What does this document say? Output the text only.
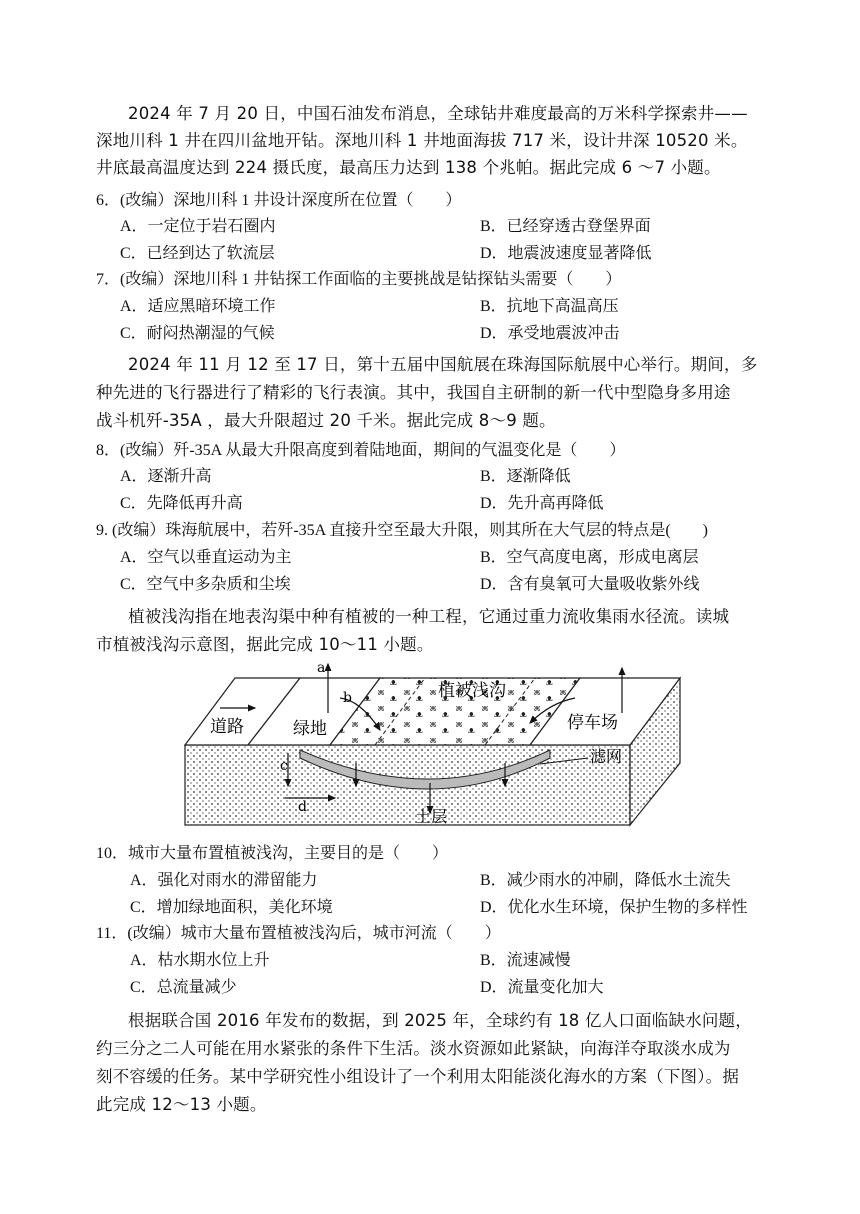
2024 年 7 月 20 日，中国石油发布消息，全球钻井难度最高的万米科学探索井——
深地川科 1 井在四川盆地开钻。深地川科 1 井地面海拔 717 米，设计井深 10520 米。
井底最高温度达到 224 摄氏度，最高压力达到 138 个兆帕。据此完成 6 ～7 小题。
6．(改编）深地川科 1 井设计深度所在位置（　　）
A．一定位于岩石圈内	B．已经穿透古登堡界面
C．已经到达了软流层	D．地震波速度显著降低
7．(改编）深地川科 1 井钻探工作面临的主要挑战是钻探钻头需要（　　）
A．适应黑暗环境工作	B．抗地下高温高压
C．耐闷热潮湿的气候	D．承受地震波冲击
2024 年 11 月 12 至 17 日，第十五届中国航展在珠海国际航展中心举行。期间，多
种先进的飞行器进行了精彩的飞行表演。其中，我国自主研制的新一代中型隐身多用途
战斗机歼-35A ，最大升限超过 20 千米。据此完成 8～9 题。
8．(改编）歼-35A 从最大升限高度到着陆地面，期间的气温变化是（　　）
A．逐渐升高	B．逐渐降低
C．先降低再升高	D．先升高再降低
9. (改编）珠海航展中，若歼-35A 直接升空至最大升限，则其所在大气层的特点是(　　)
A．空气以垂直运动为主	B．空气高度电离，形成电离层
C．空气中多杂质和尘埃	D．含有臭氧可大量吸收紫外线
植被浅沟指在地表沟渠中种有植被的一种工程，它通过重力流收集雨水径流。读城
市植被浅沟示意图，据此完成 10～11 小题。
道路	绿地
植被浅沟
停车场
滤网
土层
a
b
c
d
10．城市大量布置植被浅沟，主要目的是（　　）
A．强化对雨水的滞留能力	B．减少雨水的冲刷，降低水土流失
C．增加绿地面积，美化环境	D．优化水生环境，保护生物的多样性
11．(改编）城市大量布置植被浅沟后，城市河流（　　）
A．枯水期水位上升	B．流速减慢
C．总流量减少	D．流量变化加大
根据联合国 2016 年发布的数据，到 2025 年，全球约有 18 亿人口面临缺水问题，
约三分之二人可能在用水紧张的条件下生活。淡水资源如此紧缺，向海洋夺取淡水成为
刻不容缓的任务。某中学研究性小组设计了一个利用太阳能淡化海水的方案（下图）。据
此完成 12～13 小题。
